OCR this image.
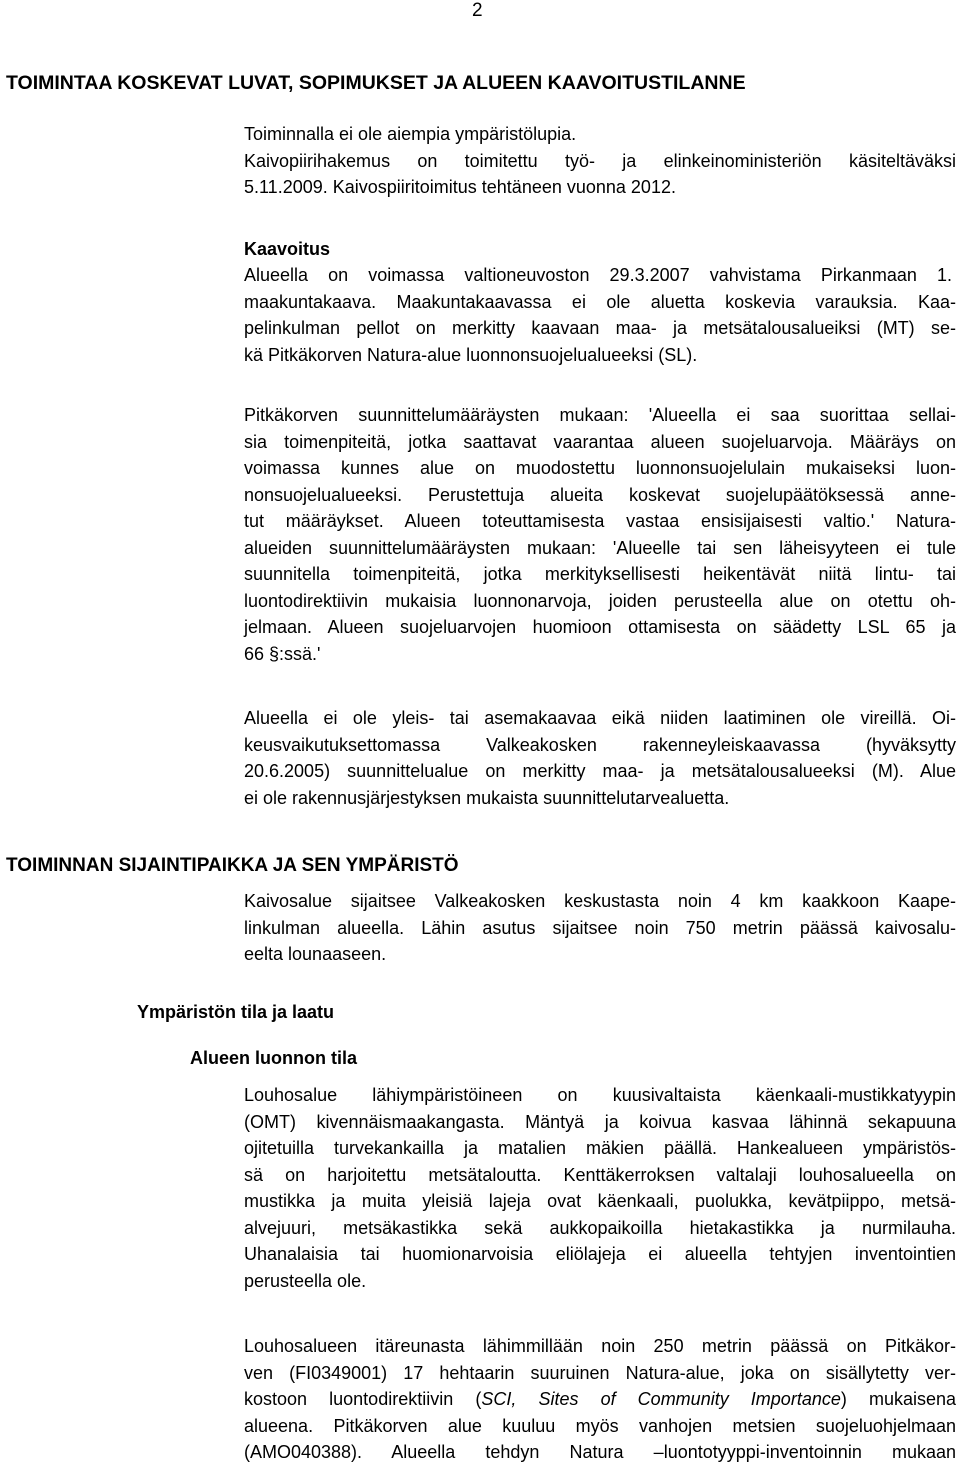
2
TOIMINTAA KOSKEVAT LUVAT, SOPIMUKSET JA ALUEEN KAAVOITUSTILANNE
Toiminnalla ei ole aiempia ympäristölupia.
Kaivopiirihakemus on toimitettu työ- ja elinkeinoministeriön käsiteltäväksi
5.11.2009. Kaivospiiritoimitus tehtäneen vuonna 2012.
Kaavoitus
Alueella on voimassa valtioneuvoston 29.3.2007 vahvistama Pirkanmaan 1.
maakuntakaava. Maakuntakaavassa ei ole aluetta koskevia varauksia. Kaa-
pelinkulman pellot on merkitty kaavaan maa- ja metsätalousalueiksi (MT) se-
kä Pitkäkorven Natura-alue luonnonsuojelualueeksi (SL).
Pitkäkorven suunnittelumääräysten mukaan: 'Alueella ei saa suorittaa sellai-
sia toimenpiteitä, jotka saattavat vaarantaa alueen suojeluarvoja. Määräys on
voimassa kunnes alue on muodostettu luonnonsuojelulain mukaiseksi luon-
nonsuojelualueeksi. Perustettuja alueita koskevat suojelupäätöksessä anne-
tut määräykset. Alueen toteuttamisesta vastaa ensisijaisesti valtio.' Natura-
alueiden suunnittelumääräysten mukaan: 'Alueelle tai sen läheisyyteen ei tule
suunnitella toimenpiteitä, jotka merkityksellisesti heikentävät niitä lintu- tai
luontodirektiivin mukaisia luonnonarvoja, joiden perusteella alue on otettu oh-
jelmaan. Alueen suojeluarvojen huomioon ottamisesta on säädetty LSL 65 ja
66 §:ssä.'
Alueella ei ole yleis- tai asemakaavaa eikä niiden laatiminen ole vireillä. Oi-
keusvaikutuksettomassa Valkeakosken rakenneyleiskaavassa (hyväksytty
20.6.2005) suunnittelualue on merkitty maa- ja metsätalousalueeksi (M). Alue
ei ole rakennusjärjestyksen mukaista suunnittelutarvealuetta.
TOIMINNAN SIJAINTIPAIKKA JA SEN YMPÄRISTÖ
Kaivosalue sijaitsee Valkeakosken keskustasta noin 4 km kaakkoon Kaape-
linkulman alueella. Lähin asutus sijaitsee noin 750 metrin päässä kaivosalu-
eelta lounaaseen.
Ympäristön tila ja laatu
Alueen luonnon tila
Louhosalue lähiympäristöineen on kuusivaltaista käenkaali-mustikkatyypin
(OMT) kivennäismaakangasta. Mäntyä ja koivua kasvaa lähinnä sekapuuna
ojitetuilla turvekankailla ja matalien mäkien päällä. Hankealueen ympäristös-
sä on harjoitettu metsätaloutta. Kenttäkerroksen valtalaji louhosalueella on
mustikka ja muita yleisiä lajeja ovat käenkaali, puolukka, kevätpiippo, metsä-
alvejuuri, metsäkastikka sekä aukkopaikoilla hietakastikka ja nurmilauha.
Uhanalaisia tai huomionarvoisia eliölajeja ei alueella tehtyjen inventointien
perusteella ole.
Louhosalueen itäreunasta lähimmillään noin 250 metrin päässä on Pitkäkor-
ven (FI0349001) 17 hehtaarin suuruinen Natura-alue, joka on sisällytetty ver-
kostoon luontodirektiivin (SCI, Sites of Community Importance) mukaisena
alueena. Pitkäkorven alue kuuluu myös vanhojen metsien suojeluohjelmaan
(AMO040388). Alueella tehdyn Natura –luontotyyppi-inventoinnin mukaan
